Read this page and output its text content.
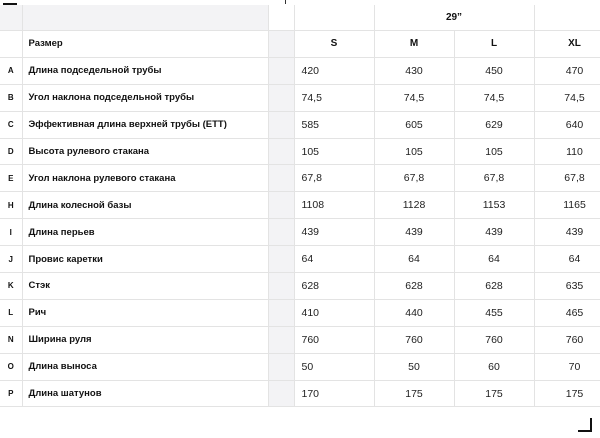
				29”		
	Размер		S	M	L	XL
A	Длина подседельной трубы		420	430	450	470
B	Угол наклона подседельной трубы		74,5	74,5	74,5	74,5
C	Эффективная длина верхней трубы (ETT)		585	605	629	640
D	Высота рулевого стакана		105	105	105	110
E	Угол наклона рулевого стакана		67,8	67,8	67,8	67,8
H	Длина колесной базы		1108	1128	1153	1165
I	Длина перьев		439	439	439	439
J	Провис каретки		64	64	64	64
K	Стэк		628	628	628	635
L	Рич		410	440	455	465
N	Ширина руля		760	760	760	760
O	Длина выноса		50	50	60	70
P	Длина шатунов		170	175	175	175
